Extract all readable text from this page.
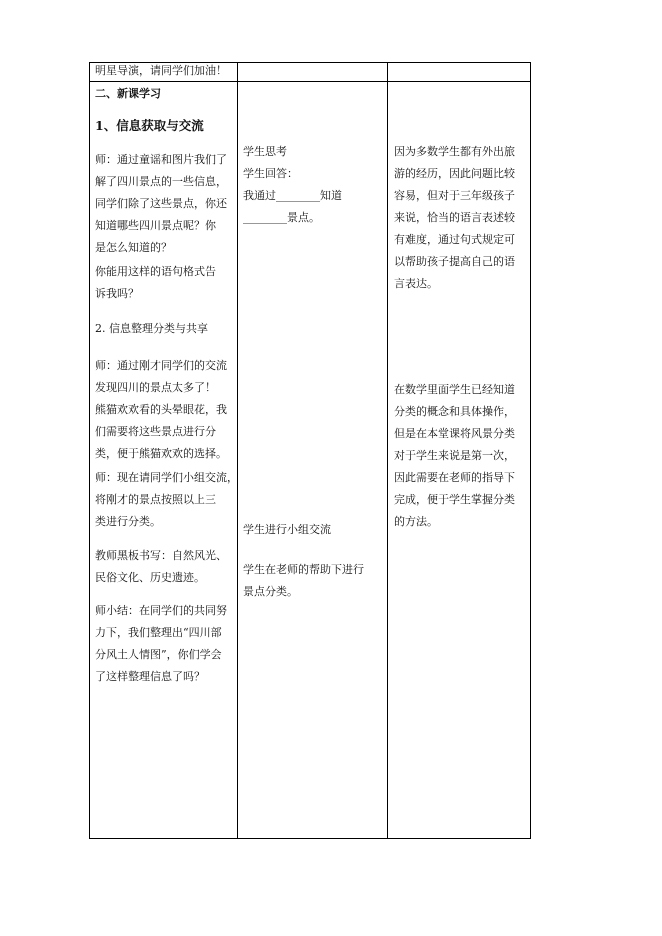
明星导演，请同学们加油！

二、新课学习

1、信息获取与交流

师：通过童谣和图片我们了
解了四川景点的一些信息，
同学们除了这些景点，你还
知道哪些四川景点呢？你
是怎么知道的？
你能用这样的语句格式告
诉我吗？
2. 信息整理分类与共享
师：通过刚才同学们的交流
发现四川的景点太多了！
熊猫欢欢看的头晕眼花，我
们需要将这些景点进行分
类，便于熊猫欢欢的选择。
师：现在请同学们小组交流，
将刚才的景点按照以上三
类进行分类。
教师黑板书写：自然风光、
民俗文化、历史遗迹。
师小结：在同学们的共同努
力下，我们整理出“四川部
分风土人情图”，你们学会
了这样整理信息了吗？
学生思考
学生回答：
我通过________知道
________景点。
学生进行小组交流
学生在老师的帮助下进行
景点分类。
因为多数学生都有外出旅
游的经历，因此问题比较
容易，但对于三年级孩子
来说，恰当的语言表述较
有难度，通过句式规定可
以帮助孩子提高自己的语
言表达。
在数学里面学生已经知道
分类的概念和具体操作，
但是在本堂课将风景分类
对于学生来说是第一次，
因此需要在老师的指导下
完成，便于学生掌握分类
的方法。
